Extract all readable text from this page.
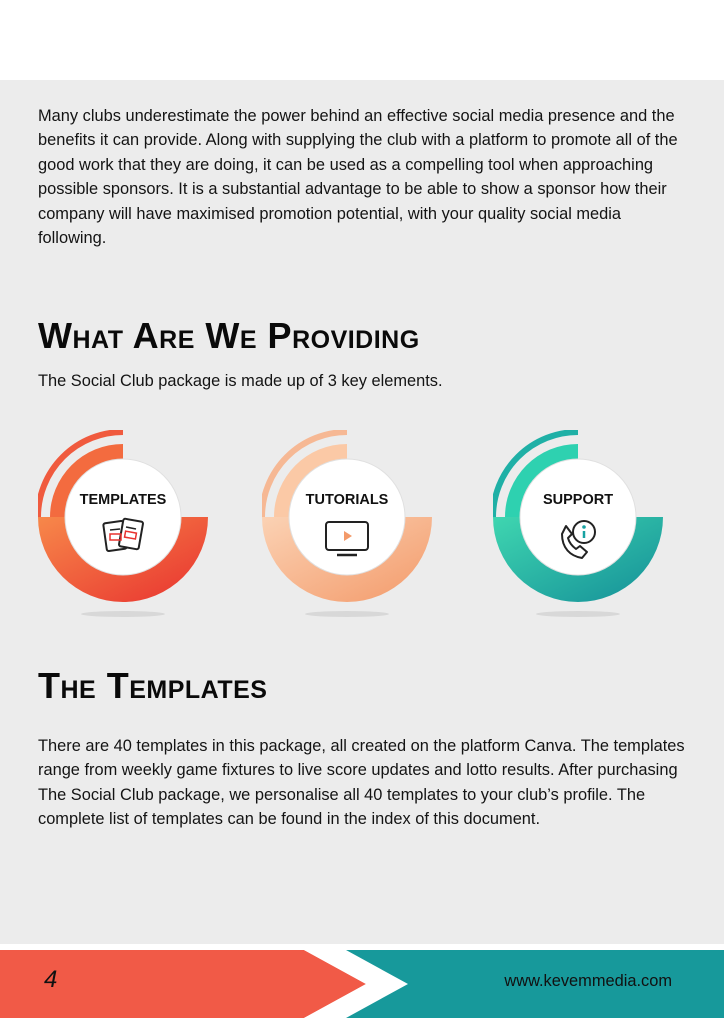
Many clubs underestimate the power behind an effective social media presence and the benefits it can provide. Along with supplying the club with a platform to promote all of the good work that they are doing, it can be used as a compelling tool when approaching possible sponsors. It is a substantial advantage to be able to show a sponsor how their company will have maximised promotion potential, with your quality social media following.

What Are We Providing

The Social Club package is made up of 3 key elements.

TEMPLATES	TUTORIALS	SUPPORT
The Templates

There are 40 templates in this package, all created on the platform Canva. The templates range from weekly game fixtures to live score updates and lotto results. After purchasing The Social Club package, we personalise all 40 templates to your club’s profile. The complete list of templates can be found in the index of this document.

4	www.kevemmedia.com
